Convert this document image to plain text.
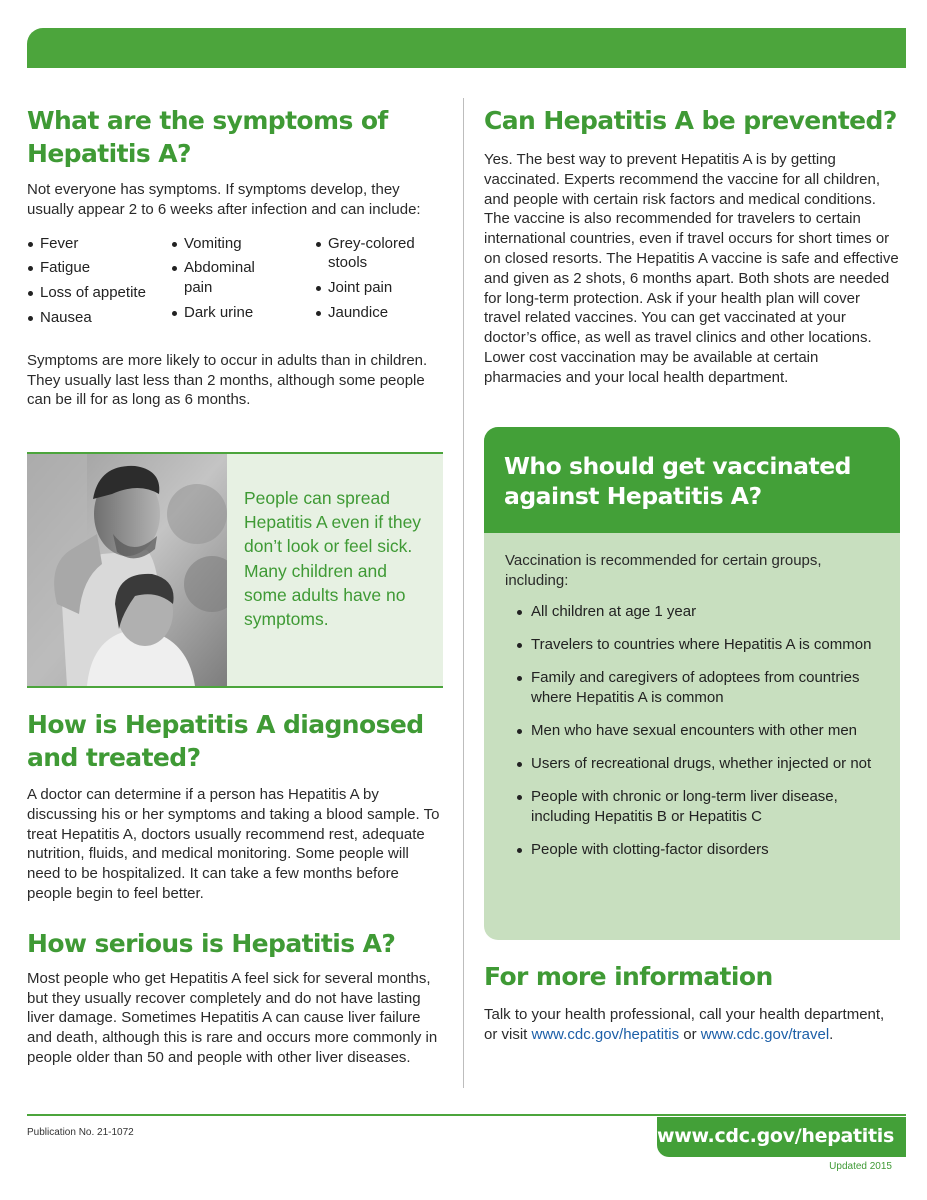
What are the symptoms of
Hepatitis A?

Not everyone has symptoms. If symptoms develop, they usually appear 2 to 6 weeks after infection and can include:

Fever
Fatigue
Loss of appetite
Nausea
Vomiting
Abdominal pain
Dark urine
Grey-colored stools
Joint pain
Jaundice

Symptoms are more likely to occur in adults than in children. They usually last less than 2 months, although some people can be ill for as long as 6 months.

People can spread Hepatitis A even if they don’t look or feel sick. Many children and some adults have no symptoms.
How is Hepatitis A diagnosed
and treated?

A doctor can determine if a person has Hepatitis A by discussing his or her symptoms and taking a blood sample. To treat Hepatitis A, doctors usually recommend rest, adequate nutrition, fluids, and medical monitoring. Some people will need to be hospitalized. It can take a few months before people begin to feel better.

How serious is Hepatitis A?

Most people who get Hepatitis A feel sick for several months, but they usually recover completely and do not have lasting liver damage. Sometimes Hepatitis A can cause liver failure and death, although this is rare and occurs more commonly in people older than 50 and people with other liver diseases.

Can Hepatitis A be prevented?

Yes. The best way to prevent Hepatitis A is by getting vaccinated. Experts recommend the vaccine for all children, and people with certain risk factors and medical conditions. The vaccine is also recommended for travelers to certain international countries, even if travel occurs for short times or on closed resorts. The Hepatitis A vaccine is safe and effective and given as 2 shots, 6 months apart. Both shots are needed for long-term protection. Ask if your health plan will cover travel related vaccines. You can get vaccinated at your doctor’s office, as well as travel clinics and other locations. Lower cost vaccination may be available at certain pharmacies and your local health department.

Who should get vaccinated
against Hepatitis A?

Vaccination is recommended for certain groups, including:

All children at age 1 year
Travelers to countries where Hepatitis A is common
Family and caregivers of adoptees from countries where Hepatitis A is common
Men who have sexual encounters with other men
Users of recreational drugs, whether injected or not
People with chronic or long-term liver disease, including Hepatitis B or Hepatitis C
People with clotting-factor disorders
For more information

Talk to your health professional, call your health department, or visit www.cdc.gov/hepatitis or www.cdc.gov/travel.

Publication No. 21-1072	www.cdc.gov/hepatitis
Updated 2015
